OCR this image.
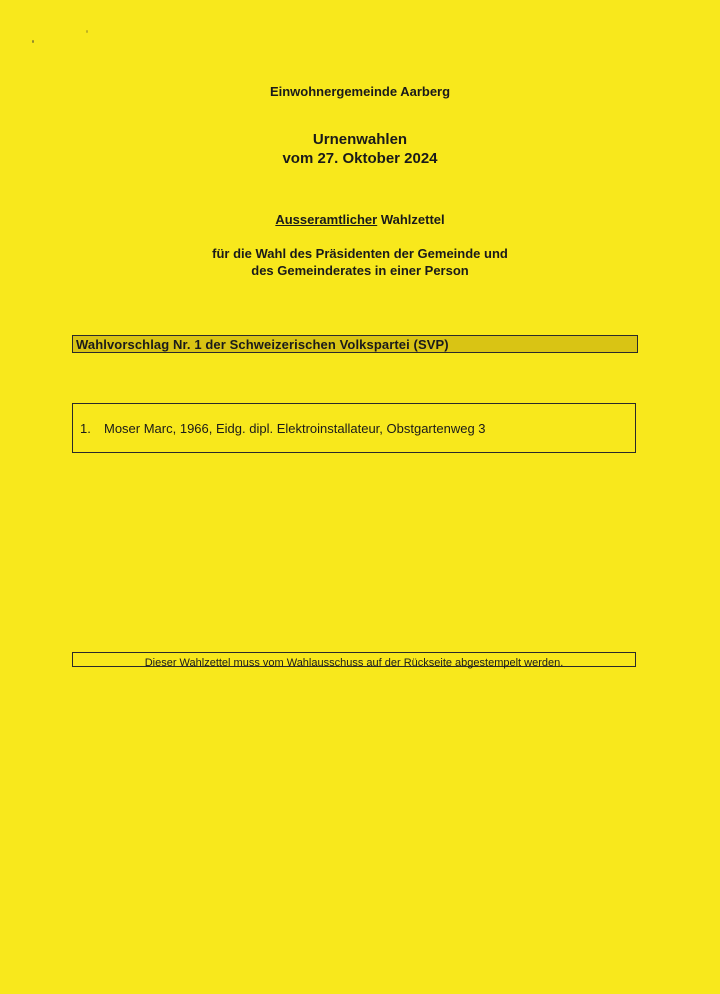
Einwohnergemeinde Aarberg
Urnenwahlen
vom 27. Oktober 2024
Ausseramtlicher Wahlzettel
für die Wahl des Präsidenten der Gemeinde und
des Gemeinderates in einer Person
Wahlvorschlag Nr. 1 der Schweizerischen Volkspartei (SVP)
1. Moser Marc, 1966, Eidg. dipl. Elektroinstallateur, Obstgartenweg 3
Dieser Wahlzettel muss vom Wahlausschuss auf der Rückseite abgestempelt werden.
